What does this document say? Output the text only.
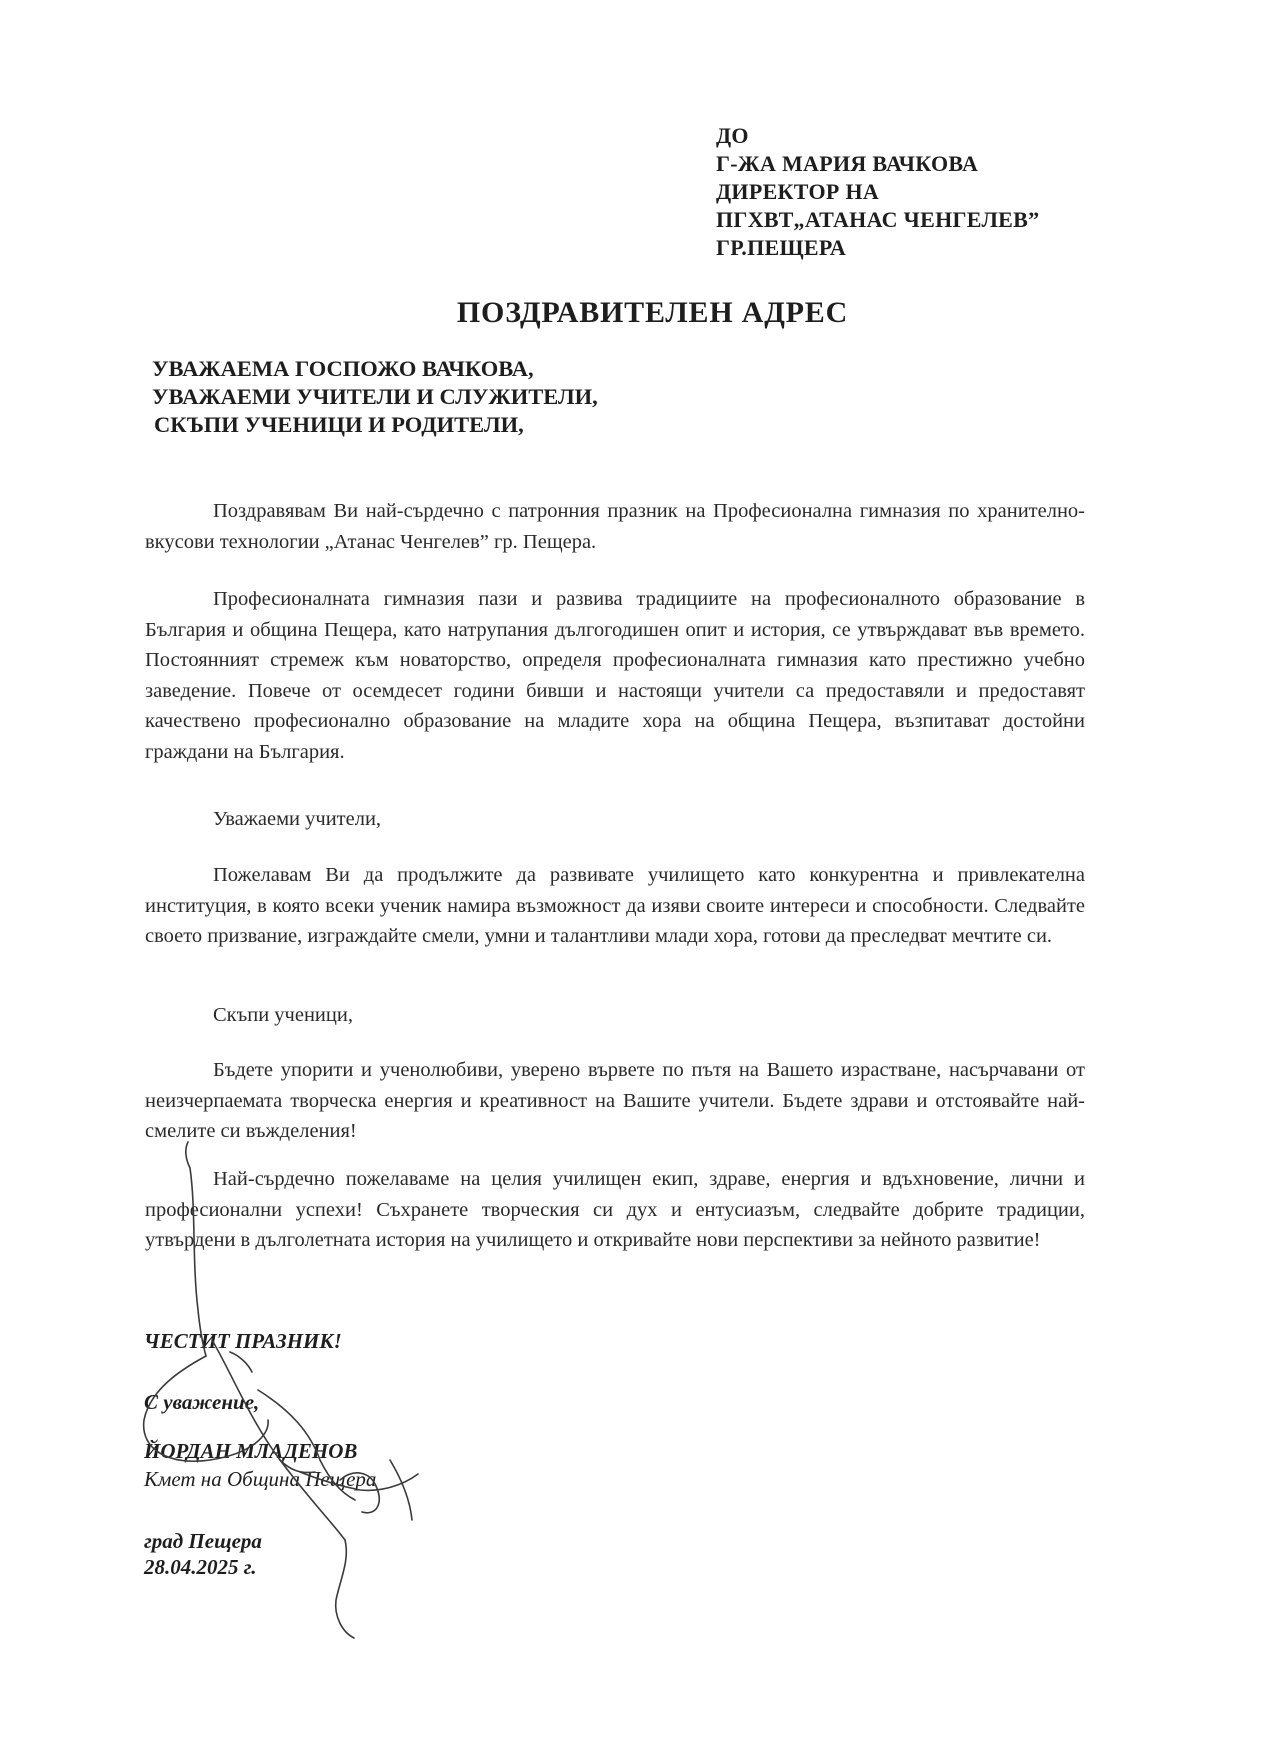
ДО
Г-ЖА МАРИЯ ВАЧКОВА
ДИРЕКТОР НА
ПГХВТ„АТАНАС ЧЕНГЕЛЕВ”
ГР.ПЕЩЕРА
ПОЗДРАВИТЕЛЕН АДРЕС
УВАЖАЕМА ГОСПОЖО ВАЧКОВА,
УВАЖАЕМИ УЧИТЕЛИ И СЛУЖИТЕЛИ,
СКЪПИ УЧЕНИЦИ И РОДИТЕЛИ,

Поздравявам Ви най-сърдечно с патронния празник на Професионална гимназия по хранително-вкусови технологии „Атанас Ченгелев” гр. Пещера.

Професионалната гимназия пази и развива традициите на професионалното образование в България и община Пещера, като натрупания дългогодишен опит и история, се утвърждават във времето. Постоянният стремеж към новаторство, определя професионалната гимназия като престижно учебно заведение. Повече от осемдесет години бивши и настоящи учители са предоставяли и предоставят качествено професионално образование на младите хора на община Пещера, възпитават достойни граждани на България.

Уважаеми учители,

Пожелавам Ви да продължите да развивате училището като конкурентна и привлекателна институция, в която всеки ученик намира възможност да изяви своите интереси и способности. Следвайте своето призвание, изграждайте смели, умни и талантливи млади хора, готови да преследват мечтите си.

Скъпи ученици,

Бъдете упорити и ученолюбиви, уверено вървете по пътя на Вашето израстване, насърчавани от неизчерпаемата творческа енергия и креативност на Вашите учители. Бъдете здрави и отстоявайте най-смелите си въжделения!

Най-сърдечно пожелаваме на целия училищен екип, здраве, енергия и вдъхновение, лични и професионални успехи! Съхранете творческия си дух и ентусиазъм, следвайте добрите традиции, утвърдени в дълголетната история на училището и откривайте нови перспективи за нейното развитие!

ЧЕСТИТ ПРАЗНИК!
С уважение,
ЙОРДАН МЛАДЕНОВ
Кмет на Община Пещера
град Пещера
28.04.2025 г.
